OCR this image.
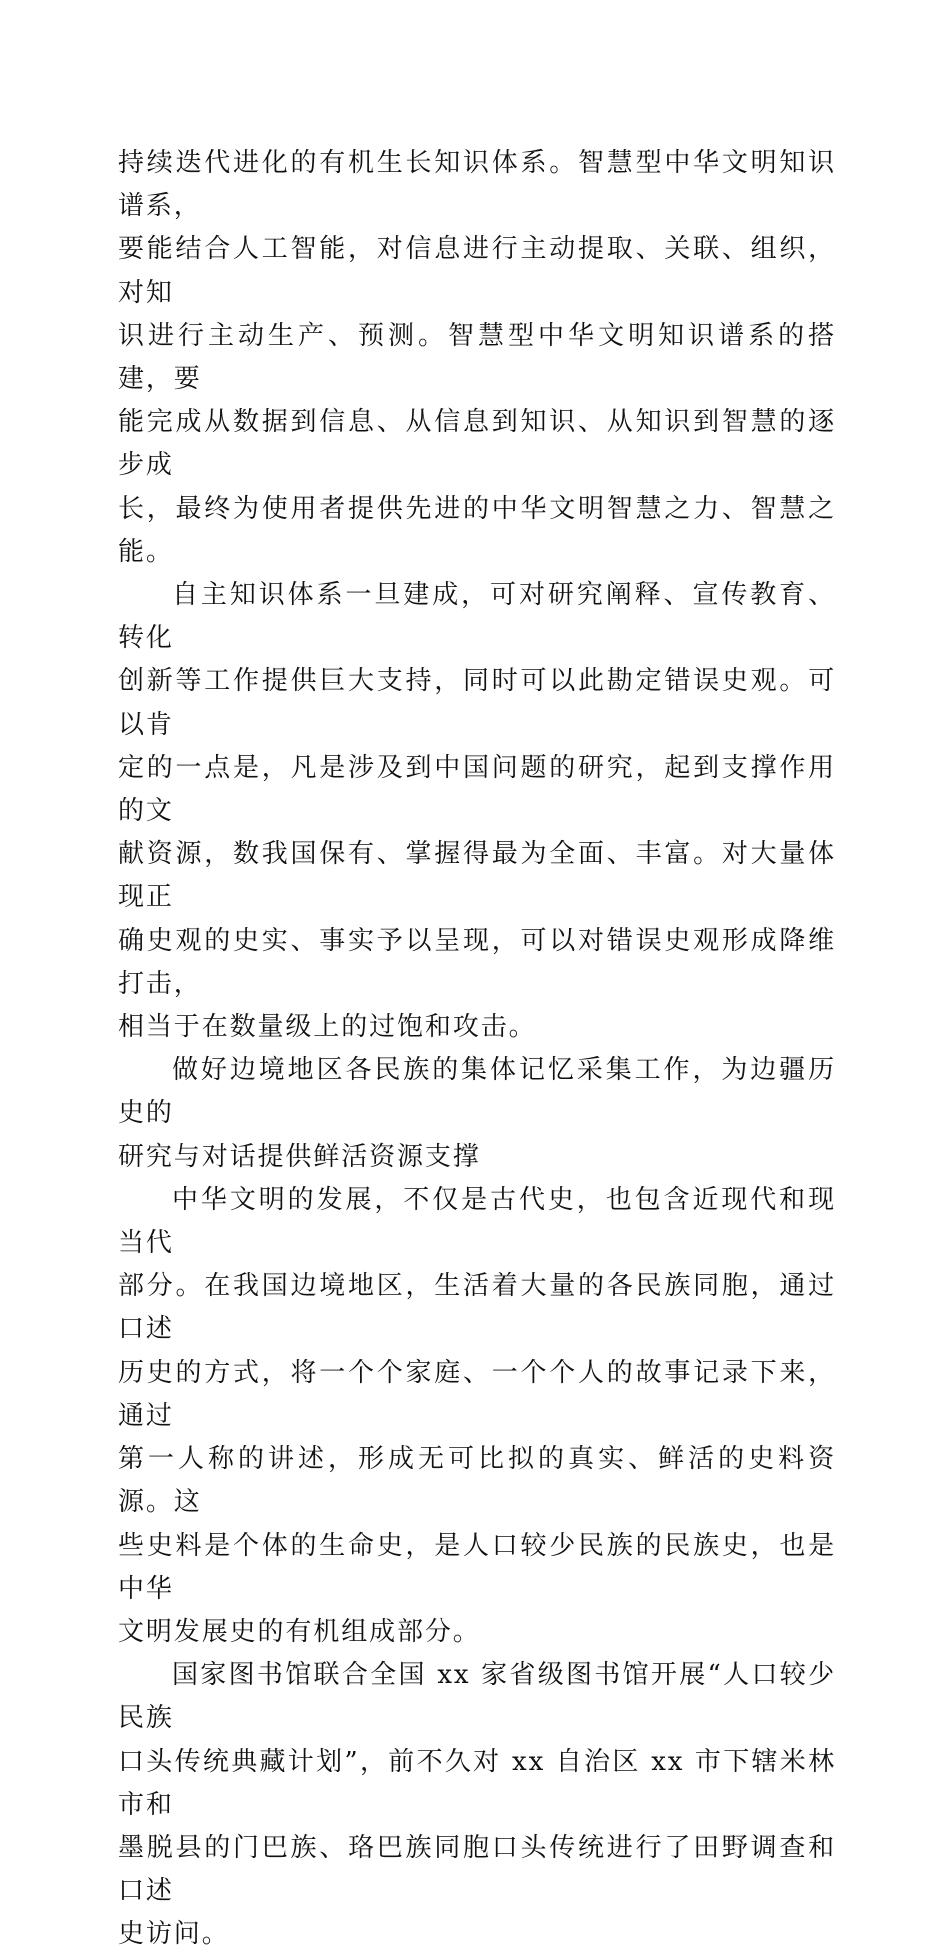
持续迭代进化的有机生长知识体系。智慧型中华文明知识谱系，
要能结合人工智能，对信息进行主动提取、关联、组织，对知
识进行主动生产、预测。智慧型中华文明知识谱系的搭建，要
能完成从数据到信息、从信息到知识、从知识到智慧的逐步成
长，最终为使用者提供先进的中华文明智慧之力、智慧之能。

自主知识体系一旦建成，可对研究阐释、宣传教育、转化
创新等工作提供巨大支持，同时可以此勘定错误史观。可以肯
定的一点是，凡是涉及到中国问题的研究，起到支撑作用的文
献资源，数我国保有、掌握得最为全面、丰富。对大量体现正
确史观的史实、事实予以呈现，可以对错误史观形成降维打击，
相当于在数量级上的过饱和攻击。

做好边境地区各民族的集体记忆采集工作，为边疆历史的
研究与对话提供鲜活资源支撑

中华文明的发展，不仅是古代史，也包含近现代和现当代
部分。在我国边境地区，生活着大量的各民族同胞，通过口述
历史的方式，将一个个家庭、一个个人的故事记录下来，通过
第一人称的讲述，形成无可比拟的真实、鲜活的史料资源。这
些史料是个体的生命史，是人口较少民族的民族史，也是中华
文明发展史的有机组成部分。

国家图书馆联合全国 xx 家省级图书馆开展“人口较少民族
口头传统典藏计划”，前不久对 xx 自治区 xx 市下辖米林市和
墨脱县的门巴族、珞巴族同胞口头传统进行了田野调查和口述
史访问。
